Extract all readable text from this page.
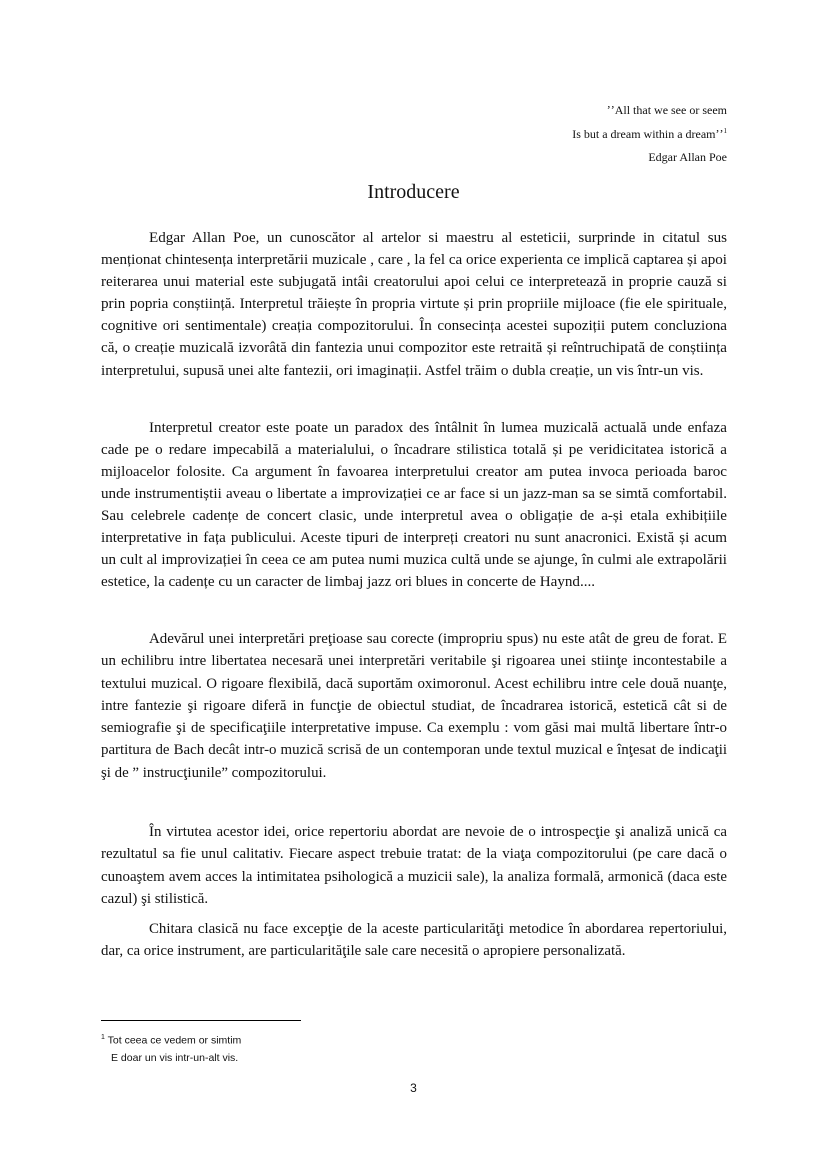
ʼʼAll that we see or seem
Is but a dream within a dreamʼʼ$^1$
Edgar Allan Poe
Introducere

Edgar Allan Poe, un cunoscător al artelor si maestru al esteticii, surprinde in citatul sus menționat chintesența interpretării muzicale , care , la fel ca orice experienta ce implică captarea și apoi reiterarea unui material este subjugată intâi creatorului apoi celui ce interpretează in proprie cauză si prin popria conștiință. Interpretul trăiește în propria virtute și prin propriile mijloace (fie ele spirituale, cognitive ori sentimentale) creația compozitorului. În consecința acestei supoziții putem concluziona că, o creație muzicală izvorâtă din fantezia unui compozitor este retraită și reîntruchipată de conștiința interpretului, supusă unei alte fantezii, ori imaginații. Astfel trăim o dubla creație, un vis într-un vis.

Interpretul creator este poate un paradox des întâlnit în lumea muzicală actuală unde enfaza cade pe o redare impecabilă a materialului, o încadrare stilistica totală și pe veridicitatea istorică a mijloacelor folosite. Ca argument în favoarea interpretului creator am putea invoca perioada baroc unde instrumentiștii aveau o libertate a improvizației ce ar face si un jazz-man sa se simtă comfortabil. Sau celebrele cadențe de concert clasic, unde interpretul avea o obligație de a-și etala exhibițiile interpretative in fața publicului. Aceste tipuri de interpreți creatori nu sunt anacronici. Există și acum un cult al improvizației în ceea ce am putea numi muzica cultă unde se ajunge, în culmi ale extrapolării estetice, la cadențe cu un caracter de limbaj jazz ori blues in concerte de Haynd....

Adevărul unei interpretări preţioase sau corecte (impropriu spus) nu este atât de greu de forat. E un echilibru intre libertatea necesară unei interpretări veritabile şi rigoarea unei stiinţe incontestabile a textului muzical. O rigoare flexibilă, dacă suportăm oximoronul. Acest echilibru intre cele două nuanţe, intre fantezie şi rigoare diferă in funcţie de obiectul studiat, de încadrarea istorică, estetică cât si de semiografie şi de specificaţiile interpretative impuse. Ca exemplu : vom găsi mai multă libertare într-o partitura de Bach decât intr-o muzică scrisă de un contemporan unde textul muzical e înţesat de indicaţii şi de ” instrucţiunile” compozitorului.

În virtutea acestor idei, orice repertoriu abordat are nevoie de o introspecţie şi analiză unică ca rezultatul sa fie unul calitativ. Fiecare aspect trebuie tratat: de la viaţa compozitorului (pe care dacă o cunoaştem avem acces la intimitatea psihologică a muzicii sale), la analiza formală, armonică (daca este cazul) şi stilistică.

Chitara clasică nu face excepţie de la aceste particularităţi metodice în abordarea repertoriului, dar, ca orice instrument, are particularităţile sale care necesită o apropiere personalizată.

$^1$ Tot ceea ce vedem or simtim
E doar un vis intr-un-alt vis.
3
